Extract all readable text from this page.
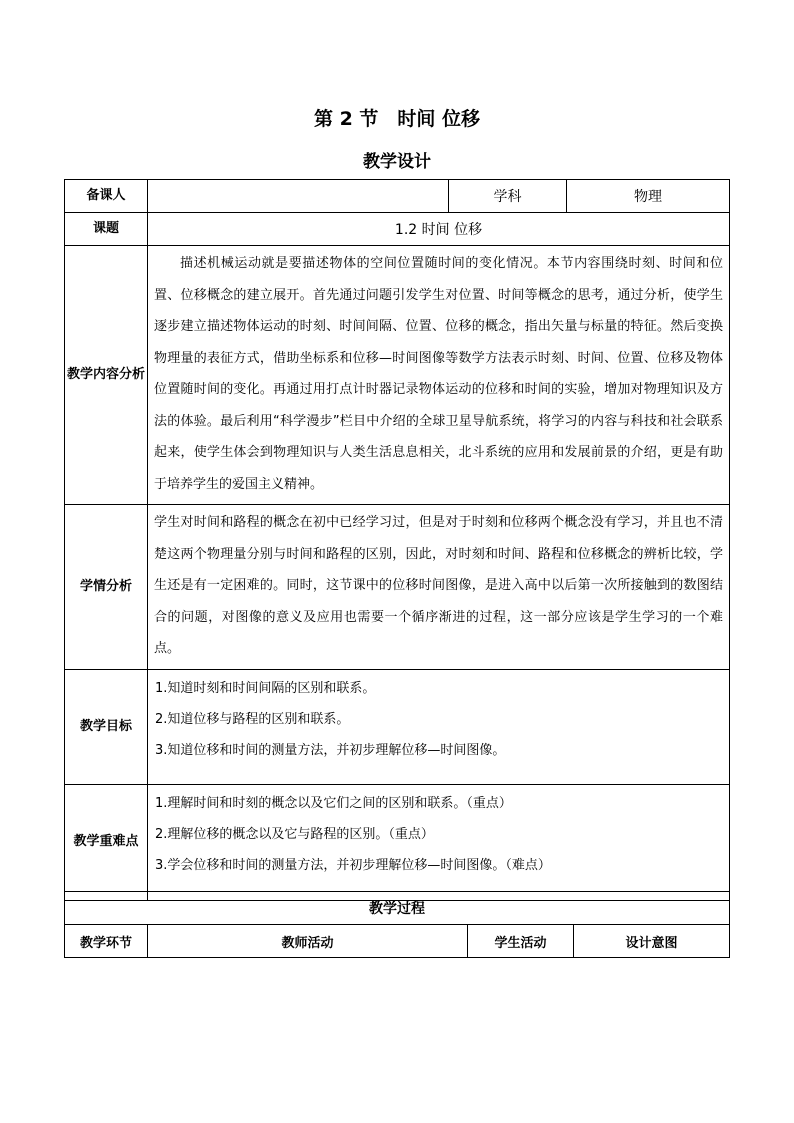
第 2 节　时间 位移
教学设计
备课人		学科	物理
课题	1.2 时间 位移		
教学内容分析	描述机械运动就是要描述物体的空间位置随时间的变化情况。本节内容围绕时刻、时间和位置、位移概念的建立展开。首先通过问题引发学生对位置、时间等概念的思考，通过分析，使学生逐步建立描述物体运动的时刻、时间间隔、位置、位移的概念，指出矢量与标量的特征。然后变换物理量的表征方式，借助坐标系和位移—时间图像等数学方法表示时刻、时间、位置、位移及物体位置随时间的变化。再通过用打点计时器记录物体运动的位移和时间的实验，增加对物理知识及方法的体验。最后利用“科学漫步”栏目中介绍的全球卫星导航系统，将学习的内容与科技和社会联系起来，使学生体会到物理知识与人类生活息息相关，北斗系统的应用和发展前景的介绍，更是有助于培养学生的爱国主义精神。		
学情分析	学生对时间和路程的概念在初中已经学习过，但是对于时刻和位移两个概念没有学习，并且也不清楚这两个物理量分别与时间和路程的区别，因此，对时刻和时间、路程和位移概念的辨析比较，学生还是有一定困难的。同时，这节课中的位移时间图像，是进入高中以后第一次所接触到的数图结合的问题，对图像的意义及应用也需要一个循序渐进的过程，这一部分应该是学生学习的一个难点。		
教学目标	1.知道时刻和时间间隔的区别和联系。
2.知道位移与路程的区别和联系。
3.知道位移和时间的测量方法，并初步理解位移—时间图像。		

教学重难点	1.理解时间和时刻的概念以及它们之间的区别和联系。（重点）
2.理解位移的概念以及它与路程的区别。（重点）
3.学会位移和时间的测量方法，并初步理解位移—时间图像。（难点）		
教学过程
教学环节	教师活动	学生活动	设计意图
